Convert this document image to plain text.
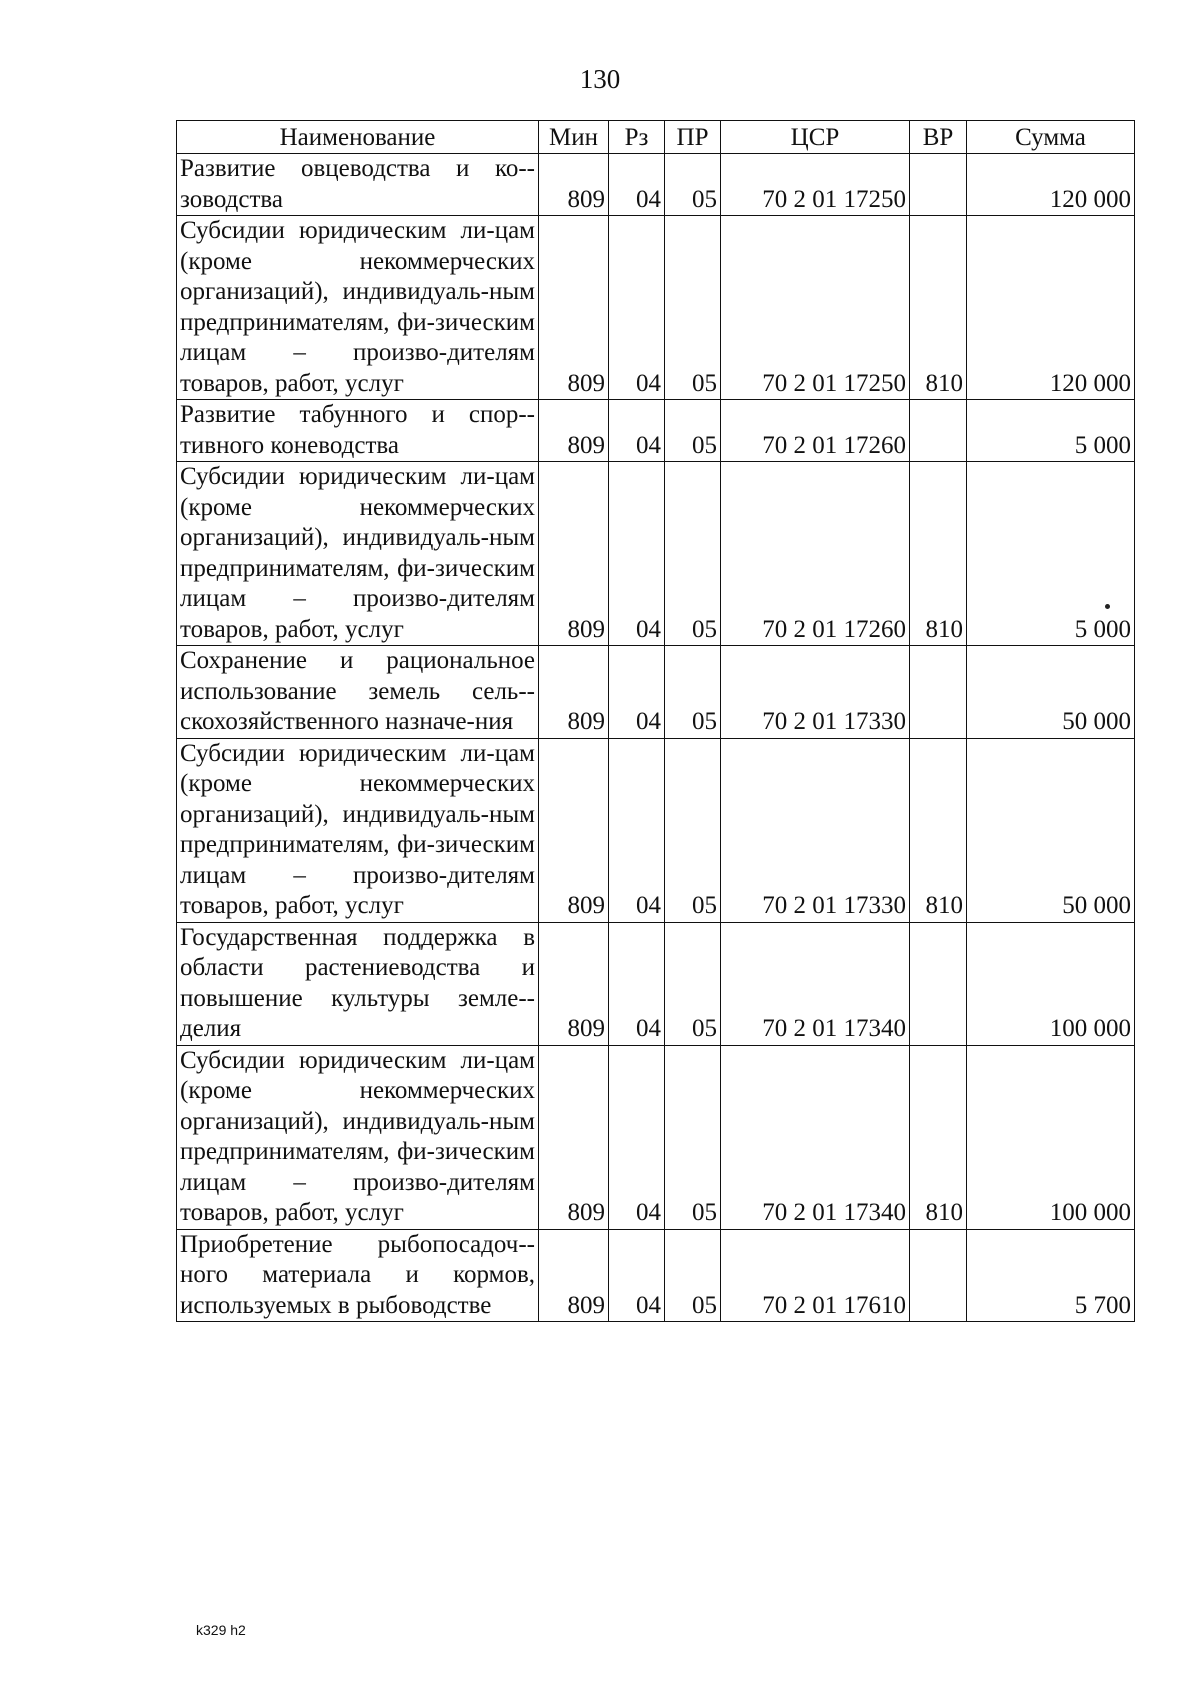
130
Наименование	Мин	Рз	ПР	ЦСР	ВР	Сумма
Развитие овцеводства и ко-зоводства	809	04	05	70 2 01 17250		120 000
Субсидии юридическим ли-цам (кроме некоммерческих организаций), индивидуаль-ным предпринимателям, фи-зическим лицам – произво-дителям товаров, работ, услуг	809	04	05	70 2 01 17250	810	120 000
Развитие табунного и спор-тивного коневодства	809	04	05	70 2 01 17260		5 000
Субсидии юридическим ли-цам (кроме некоммерческих организаций), индивидуаль-ным предпринимателям, фи-зическим лицам – произво-дителям товаров, работ, услуг	809	04	05	70 2 01 17260	810	5 000
Сохранение и рациональное использование земель сель-скохозяйственного назначе-ния	809	04	05	70 2 01 17330		50 000
Субсидии юридическим ли-цам (кроме некоммерческих организаций), индивидуаль-ным предпринимателям, фи-зическим лицам – произво-дителям товаров, работ, услуг	809	04	05	70 2 01 17330	810	50 000
Государственная поддержка в области растениеводства и повышение культуры земле-делия	809	04	05	70 2 01 17340		100 000
Субсидии юридическим ли-цам (кроме некоммерческих организаций), индивидуаль-ным предпринимателям, фи-зическим лицам – произво-дителям товаров, работ, услуг	809	04	05	70 2 01 17340	810	100 000
Приобретение рыбопосадоч-ного материала и кормов, используемых в рыбоводстве	809	04	05	70 2 01 17610		5 700
k329 h2
